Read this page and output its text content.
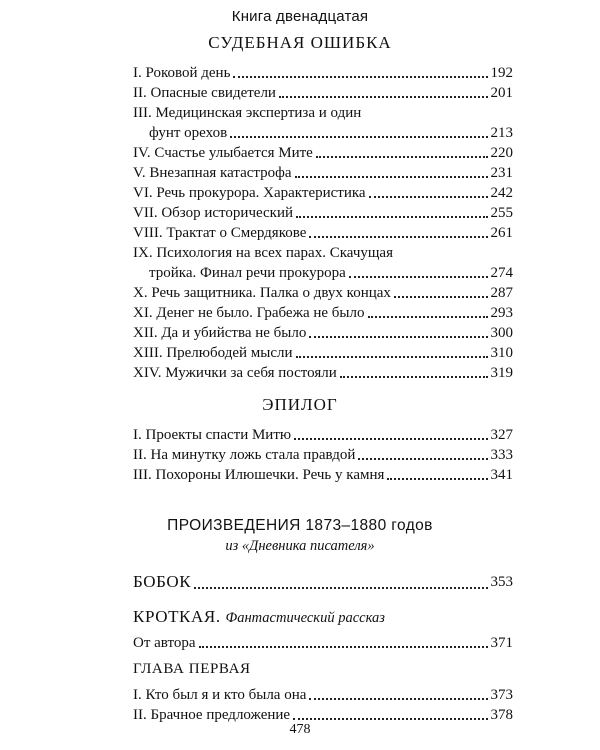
Книга двенадцатая
СУДЕБНАЯ ОШИБКА
I. Роковой день	192
II. Опасные свидетели	201
III. Медицинская экспертиза и один
фунт орехов	213
IV. Счастье улыбается Мите	220
V. Внезапная катастрофа	231
VI. Речь прокурора. Характеристика	242
VII. Обзор исторический	255
VIII. Трактат о Смердякове	261
IX. Психология на всех парах. Скачущая
тройка. Финал речи прокурора	274
X. Речь защитника. Палка о двух концах	287
XI. Денег не было. Грабежа не было	293
XII. Да и убийства не было	300
XIII. Прелюбодей мысли	310
XIV. Мужички за себя постояли	319
ЭПИЛОГ
I. Проекты спасти Митю	327
II. На минутку ложь стала правдой	333
III. Похороны Илюшечки. Речь у камня	341
ПРОИЗВЕДЕНИЯ 1873–1880 годов
из «Дневника писателя»
БОБОК	353
КРОТКАЯ. Фантастический рассказ
От автора	371
ГЛАВА ПЕРВАЯ
I. Кто был я и кто была она	373
II. Брачное предложение	378
478
